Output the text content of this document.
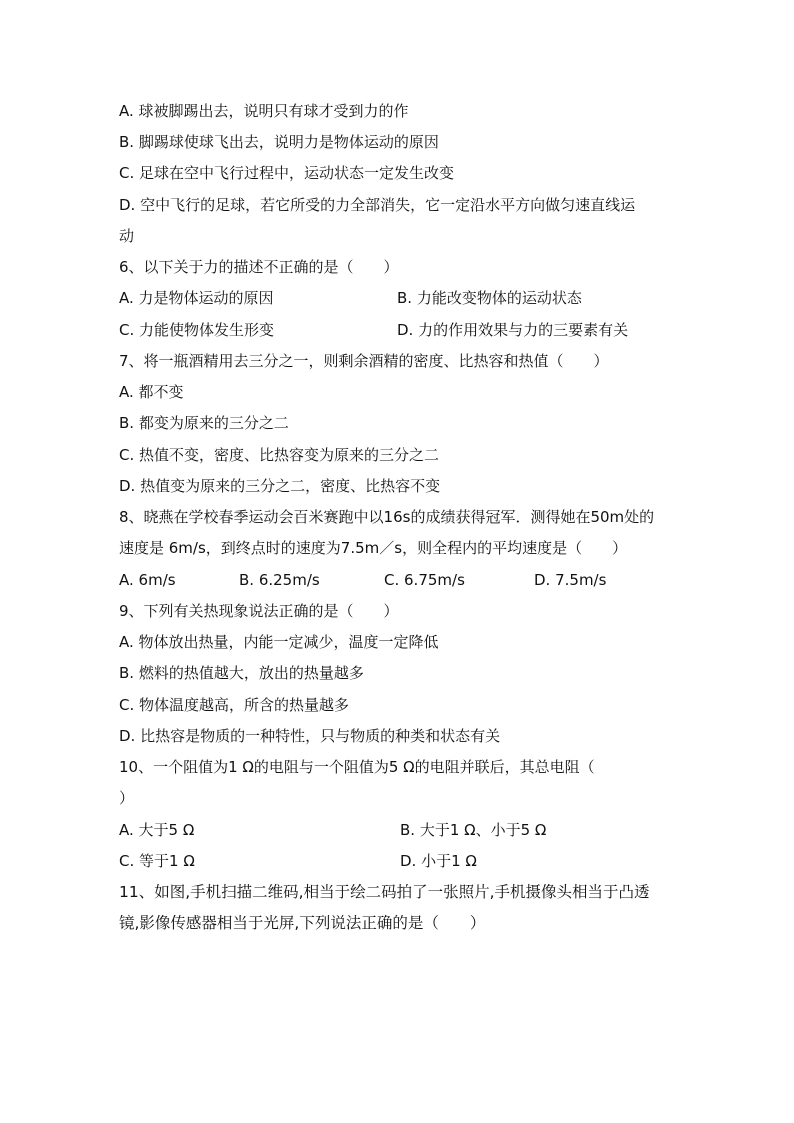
A. 球被脚踢出去，说明只有球才受到力的作
B. 脚踢球使球飞出去，说明力是物体运动的原因
C. 足球在空中飞行过程中，运动状态一定发生改变
D. 空中飞行的足球，若它所受的力全部消失，它一定沿水平方向做匀速直线运
动
6、以下关于力的描述不正确的是（　　）
A. 力是物体运动的原因	B. 力能改变物体的运动状态
C. 力能使物体发生形变	D. 力的作用效果与力的三要素有关
7、将一瓶酒精用去三分之一，则剩余酒精的密度、比热容和热值（　　）
A. 都不变
B. 都变为原来的三分之二
C. 热值不变，密度、比热容变为原来的三分之二
D. 热值变为原来的三分之二，密度、比热容不变
8、晓燕在学校春季运动会百米赛跑中以16s的成绩获得冠军．测得她在50m处的
速度是 6m/s，到终点时的速度为7.5m／s，则全程内的平均速度是（　　）
A. 6m/s	B. 6.25m/s	C. 6.75m/s	D. 7.5m/s
9、下列有关热现象说法正确的是（　　）
A. 物体放出热量，内能一定减少，温度一定降低
B. 燃料的热值越大，放出的热量越多
C. 物体温度越高，所含的热量越多
D. 比热容是物质的一种特性，只与物质的种类和状态有关
10、一个阻值为1 Ω的电阻与一个阻值为5 Ω的电阻并联后，其总电阻（
）
A. 大于5 Ω	B. 大于1 Ω、小于5 Ω
C. 等于1 Ω	D. 小于1 Ω
11、如图,手机扫描二维码,相当于绘二码拍了一张照片,手机摄像头相当于凸透
镜,影像传感器相当于光屏,下列说法正确的是（　　）
